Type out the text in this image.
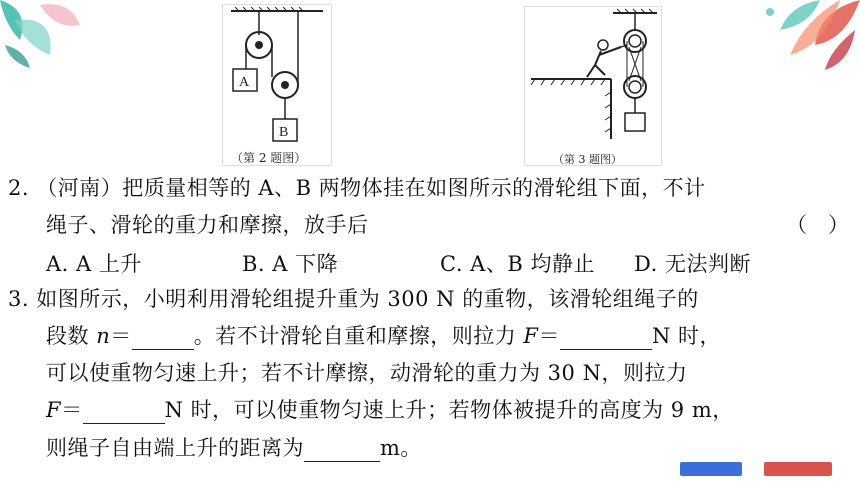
A
B
（第 2 题图）	（第 3 题图）
2. （河南）把质量相等的 A、B 两物体挂在如图所示的滑轮组下面，不计
绳子、滑轮的重力和摩擦，放手后	（　）
A. A 上升	B. A 下降	C. A、B 均静止 D. 无法判断
3. 如图所示，小明利用滑轮组提升重为 300 N 的重物，该滑轮组绳子的
段数 n＝	。若不计滑轮自重和摩擦，则拉力 F＝	N 时，
可以使重物匀速上升；若不计摩擦，动滑轮的重力为 30 N，则拉力
F＝	N 时，可以使重物匀速上升；若物体被提升的高度为 9 m，
则绳子自由端上升的距离为	m。
